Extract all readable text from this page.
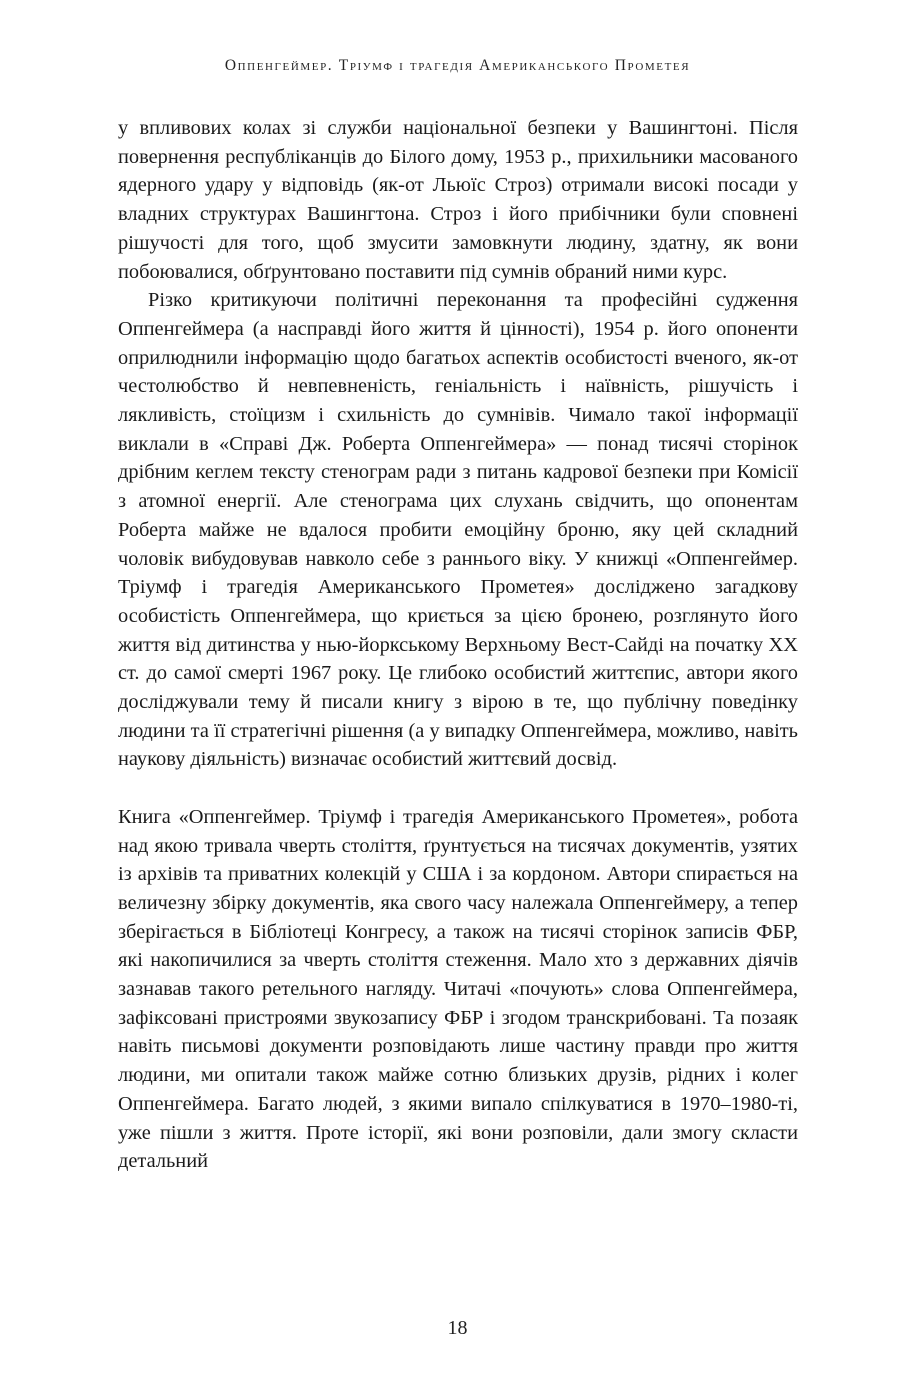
Оппенгеймер. Тріумф і трагедія Американського Прометея

у впливових колах зі служби національної безпеки у Вашингтоні. Після повернення республіканців до Білого дому, 1953 р., прихильники масованого ядерного удару у відповідь (як-от Льюїс Строз) отримали високі посади у владних структурах Вашингтона. Строз і його прибічники були сповнені рішучості для того, щоб змусити замовкнути людину, здатну, як вони побоювалися, обґрунтовано поставити під сумнів обраний ними курс.

Різко критикуючи політичні переконання та професійні судження Оппенгеймера (а насправді його життя й цінності), 1954 р. його опоненти оприлюднили інформацію щодо багатьох аспектів особистості вченого, як-от честолюбство й невпевненість, геніальність і наївність, рішучість і лякливість, стоїцизм і схильність до сумнівів. Чимало такої інформації виклали в «Справі Дж. Роберта Оппенгеймера» — понад тисячі сторінок дрібним кеглем тексту стенограм ради з питань кадрової безпеки при Комісії з атомної енергії. Але стенограма цих слухань свідчить, що опонентам Роберта майже не вдалося пробити емоційну броню, яку цей складний чоловік вибудовував навколо себе з раннього віку. У книжці «Оппенгеймер. Тріумф і трагедія Американського Прометея» досліджено загадкову особистість Оппенгеймера, що криється за цією бронею, розглянуто його життя від дитинства у нью-йоркському Верхньому Вест-Сайді на початку XX ст. до самої смерті 1967 року. Це глибоко особистий життєпис, автори якого досліджували тему й писали книгу з вірою в те, що публічну поведінку людини та її стратегічні рішення (а у випадку Оппенгеймера, можливо, навіть наукову діяльність) визначає особистий життєвий досвід.

Книга «Оппенгеймер. Тріумф і трагедія Американського Прометея», робота над якою тривала чверть століття, ґрунтується на тисячах документів, узятих із архівів та приватних колекцій у США і за кордоном. Автори спирається на величезну збірку документів, яка свого часу належала Оппенгеймеру, а тепер зберігається в Бібліотеці Конгресу, а також на тисячі сторінок записів ФБР, які накопичилися за чверть століття стеження. Мало хто з державних діячів зазнавав такого ретельного нагляду. Читачі «почують» слова Оппенгеймера, зафіксовані пристроями звукозапису ФБР і згодом транскрибовані. Та позаяк навіть письмові документи розповідають лише частину правди про життя людини, ми опитали також майже сотню близьких друзів, рідних і колег Оппенгеймера. Багато людей, з якими випало спілкуватися в 1970–1980-ті, уже пішли з життя. Проте історії, які вони розповіли, дали змогу скласти детальний

18
